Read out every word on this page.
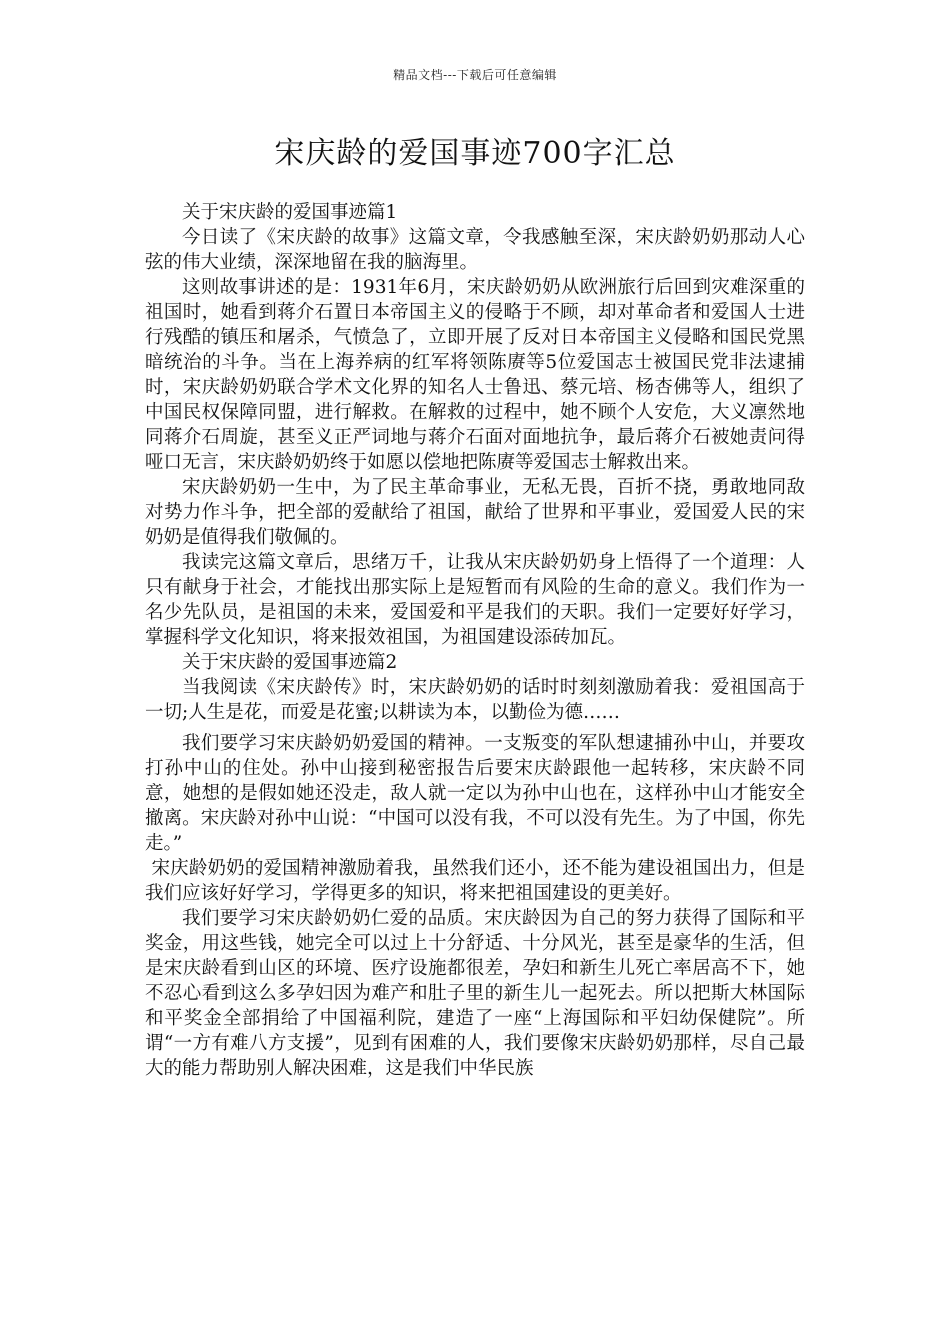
精品文档---下载后可任意编辑
宋庆龄的爱国事迹700字汇总

关于宋庆龄的爱国事迹篇1

今日读了《宋庆龄的故事》这篇文章，令我感触至深，宋庆龄奶奶那动人心弦的伟大业绩，深深地留在我的脑海里。

这则故事讲述的是：1931年6月，宋庆龄奶奶从欧洲旅行后回到灾难深重的祖国时，她看到蒋介石置日本帝国主义的侵略于不顾，却对革命者和爱国人士进行残酷的镇压和屠杀，气愤急了，立即开展了反对日本帝国主义侵略和国民党黑暗统治的斗争。当在上海养病的红军将领陈赓等5位爱国志士被国民党非法逮捕时，宋庆龄奶奶联合学术文化界的知名人士鲁迅、蔡元培、杨杏佛等人，组织了中国民权保障同盟，进行解救。在解救的过程中，她不顾个人安危，大义凛然地同蒋介石周旋，甚至义正严词地与蒋介石面对面地抗争，最后蒋介石被她责问得哑口无言，宋庆龄奶奶终于如愿以偿地把陈赓等爱国志士解救出来。

宋庆龄奶奶一生中，为了民主革命事业，无私无畏，百折不挠，勇敢地同敌对势力作斗争，把全部的爱献给了祖国，献给了世界和平事业，爱国爱人民的宋奶奶是值得我们敬佩的。

我读完这篇文章后，思绪万千，让我从宋庆龄奶奶身上悟得了一个道理：人只有献身于社会，才能找出那实际上是短暂而有风险的生命的意义。我们作为一名少先队员，是祖国的未来，爱国爱和平是我们的天职。我们一定要好好学习，掌握科学文化知识，将来报效祖国，为祖国建设添砖加瓦。

关于宋庆龄的爱国事迹篇2

当我阅读《宋庆龄传》时，宋庆龄奶奶的话时时刻刻激励着我：爱祖国高于一切;人生是花，而爱是花蜜;以耕读为本，以勤俭为德……

我们要学习宋庆龄奶奶爱国的精神。一支叛变的军队想逮捕孙中山，并要攻打孙中山的住处。孙中山接到秘密报告后要宋庆龄跟他一起转移，宋庆龄不同意，她想的是假如她还没走，敌人就一定以为孙中山也在，这样孙中山才能安全撤离。宋庆龄对孙中山说：“中国可以没有我，不可以没有先生。为了中国，你先走。”

宋庆龄奶奶的爱国精神激励着我，虽然我们还小，还不能为建设祖国出力，但是我们应该好好学习，学得更多的知识，将来把祖国建设的更美好。

我们要学习宋庆龄奶奶仁爱的品质。宋庆龄因为自己的努力获得了国际和平奖金，用这些钱，她完全可以过上十分舒适、十分风光，甚至是豪华的生活，但是宋庆龄看到山区的环境、医疗设施都很差，孕妇和新生儿死亡率居高不下，她不忍心看到这么多孕妇因为难产和肚子里的新生儿一起死去。所以把斯大林国际和平奖金全部捐给了中国福利院，建造了一座“上海国际和平妇幼保健院”。所谓“一方有难八方支援”，见到有困难的人，我们要像宋庆龄奶奶那样，尽自己最大的能力帮助别人解决困难，这是我们中华民族
